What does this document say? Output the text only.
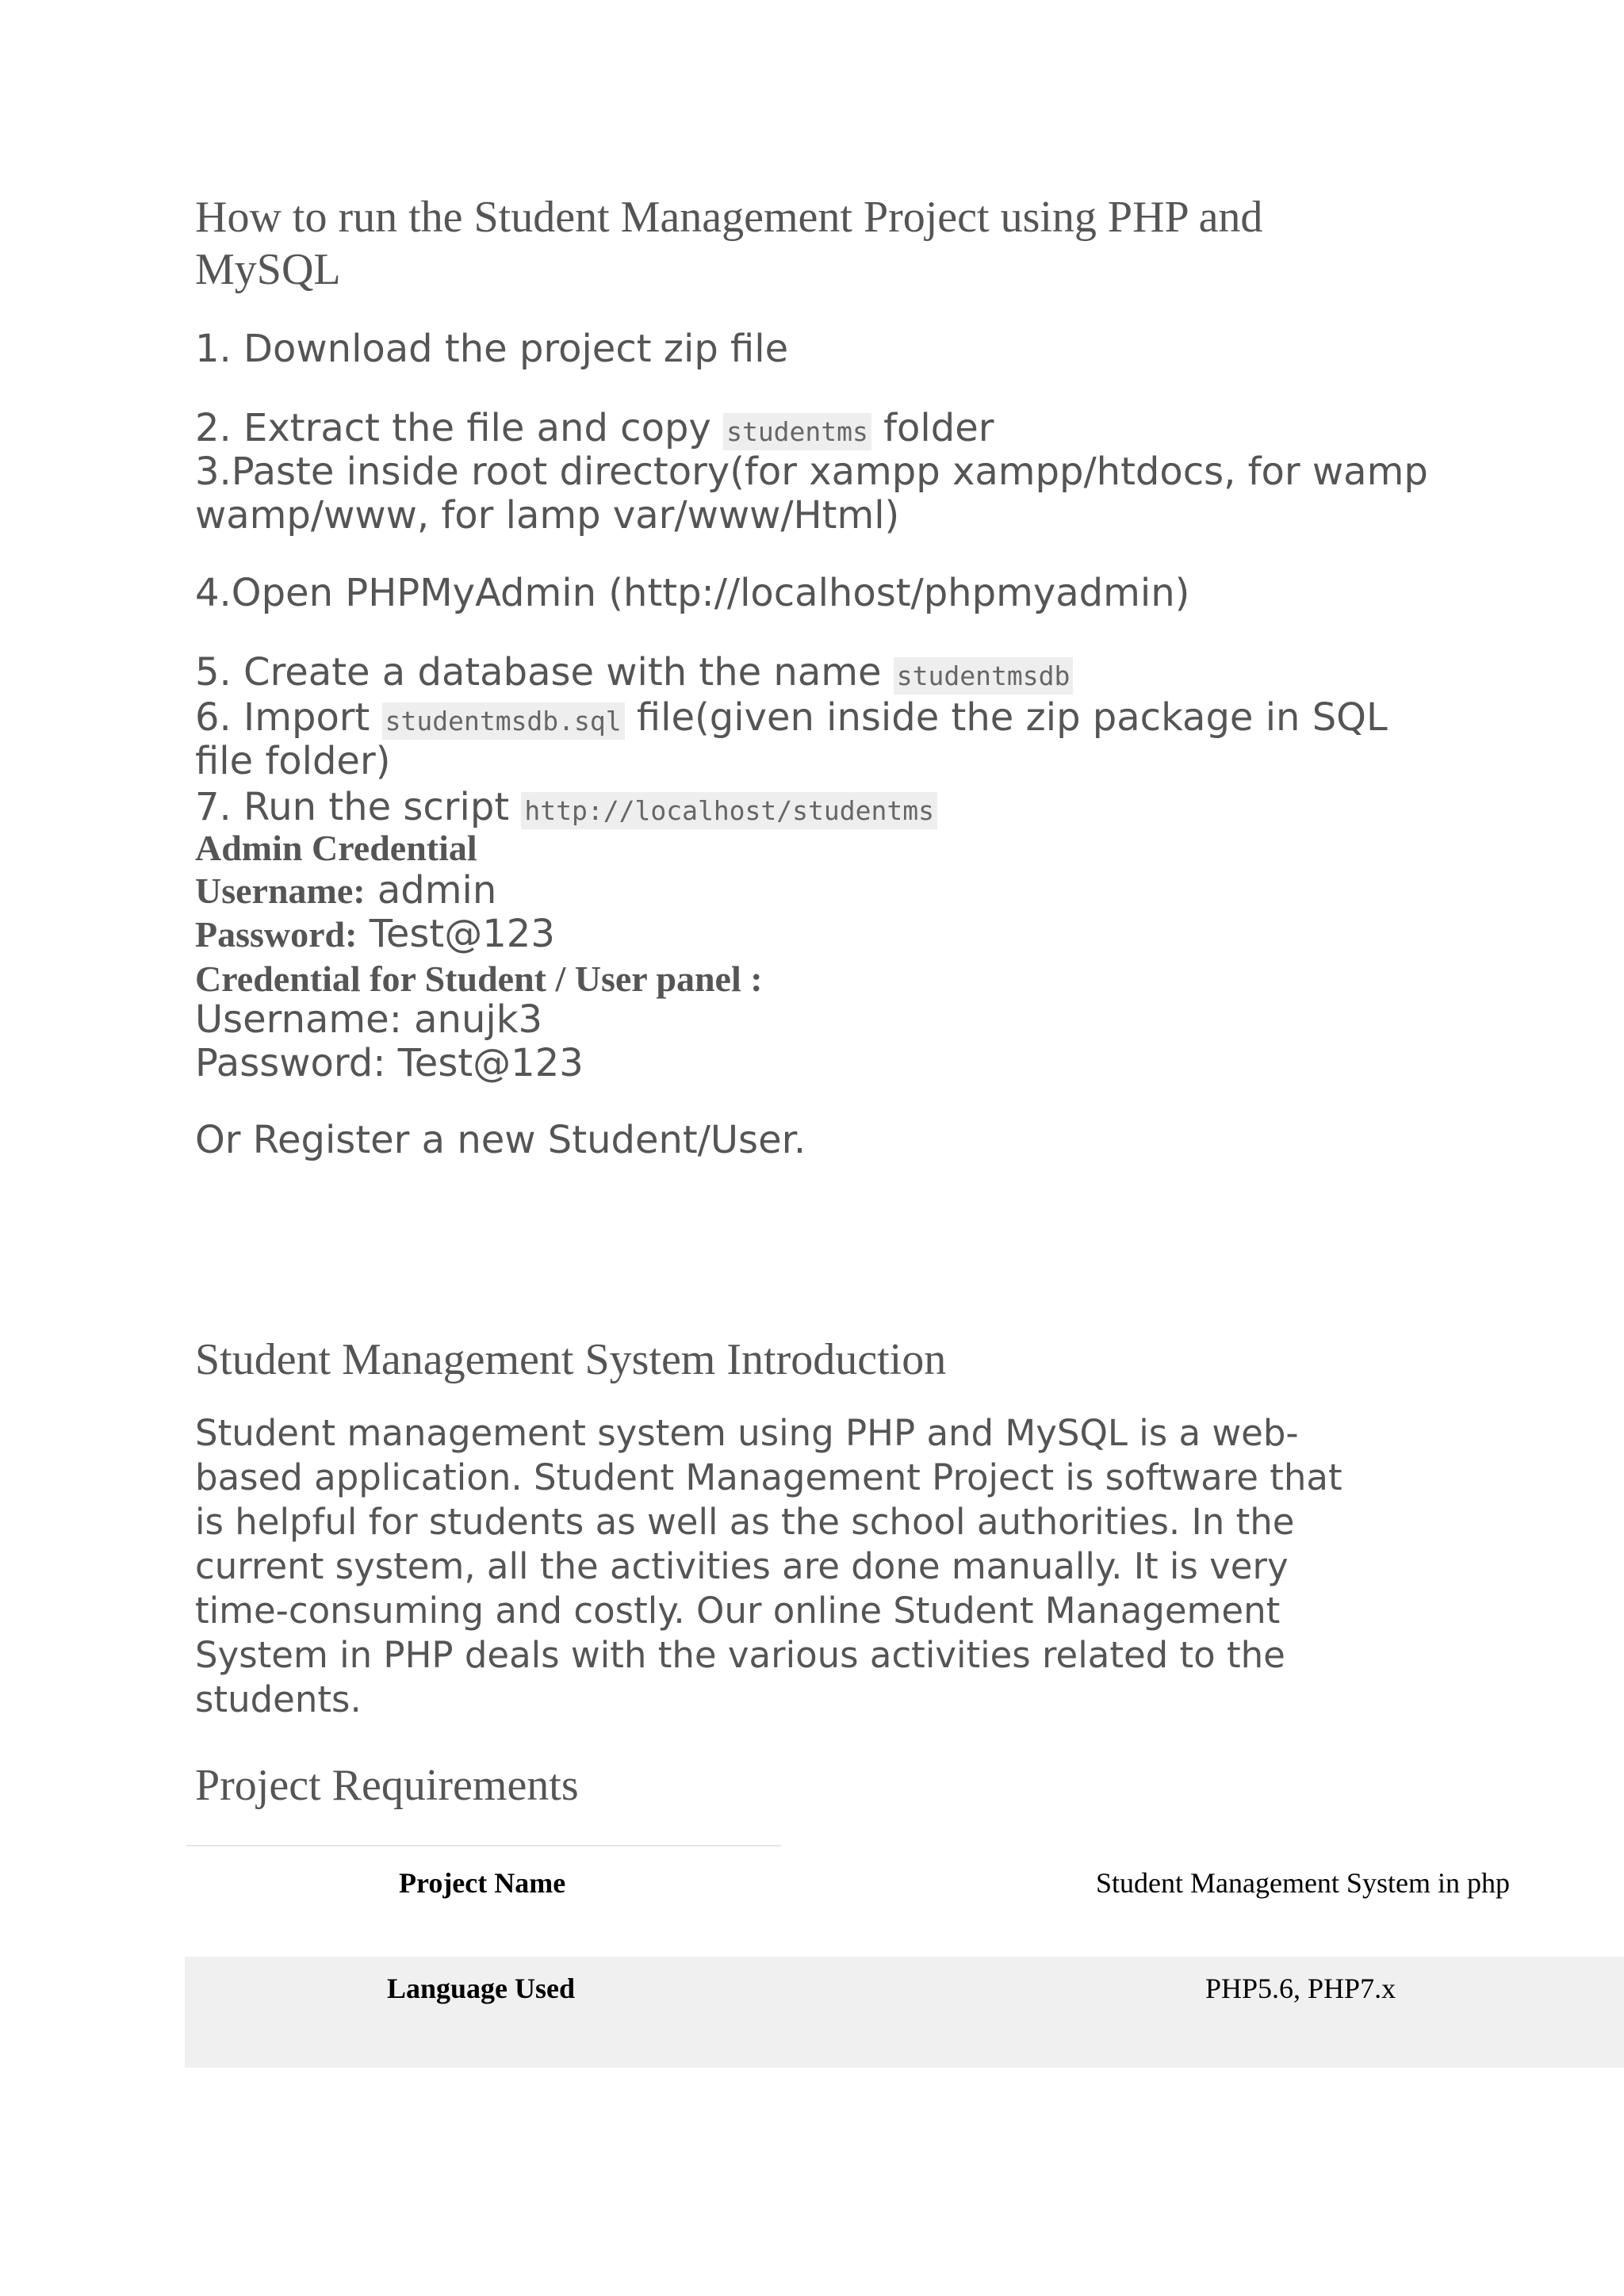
How to run the Student Management Project using PHP and
MySQL
1. Download the project zip file
2. Extract the file and copy studentms folder
3.Paste inside root directory(for xampp xampp/htdocs, for wamp
wamp/www, for lamp var/www/Html)
4.Open PHPMyAdmin (http://localhost/phpmyadmin)
5. Create a database with the name studentmsdb
6. Import studentmsdb.sql file(given inside the zip package in SQL
file folder)
7. Run the script http://localhost/studentms
Admin Credential
Username: admin
Password: Test@123
Credential for Student / User panel :
Username: anujk3
Password: Test@123
Or Register a new Student/User.
Student Management System Introduction
Student management system using PHP and MySQL is a web-
based application. Student Management Project is software that
is helpful for students as well as the school authorities. In the
current system, all the activities are done manually. It is very
time-consuming and costly. Our online Student Management
System in PHP deals with the various activities related to the
students.
Project Requirements
Project Name	Student Management System in php
Language Used	PHP5.6, PHP7.x
